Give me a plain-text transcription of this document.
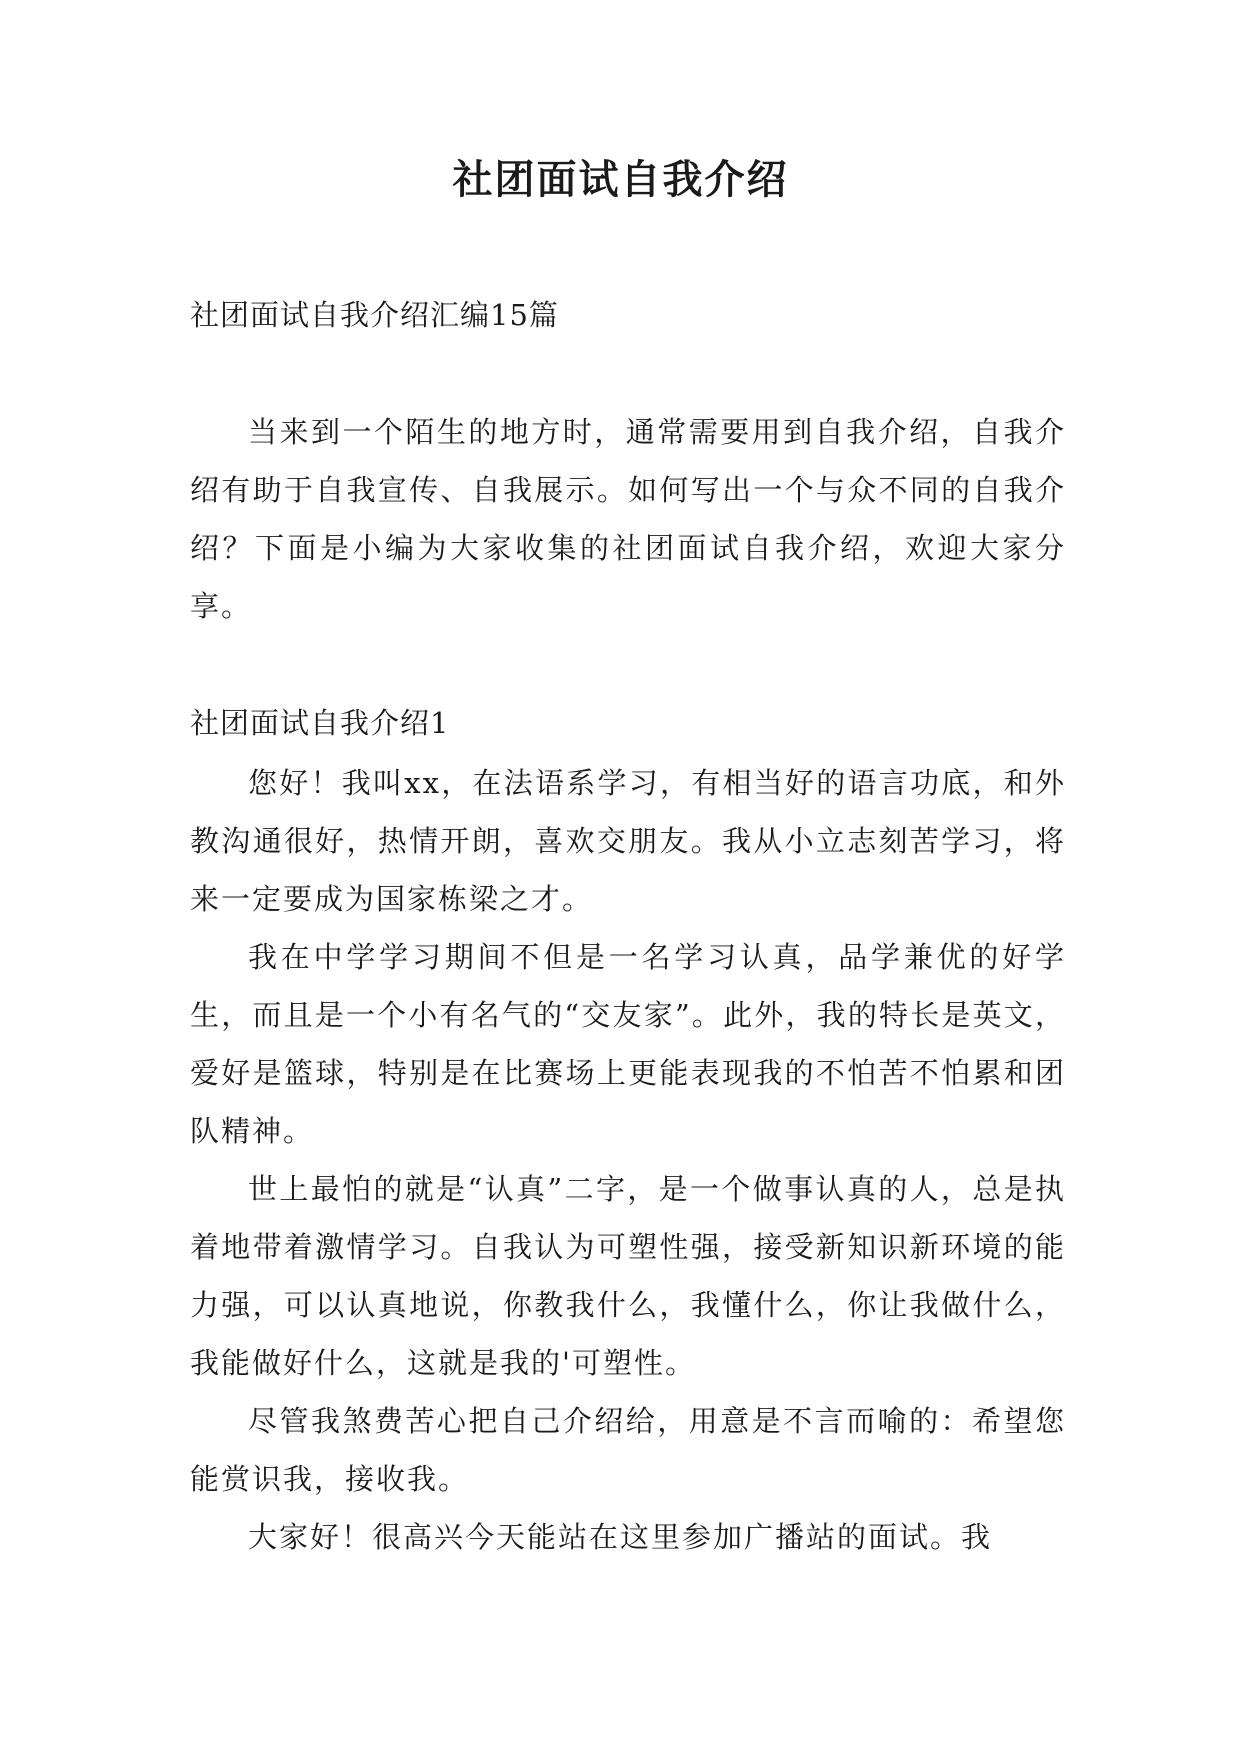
社团面试自我介绍

社团面试自我介绍汇编15篇

当来到一个陌生的地方时，通常需要用到自我介绍，自我介绍有助于自我宣传、自我展示。如何写出一个与众不同的自我介绍？下面是小编为大家收集的社团面试自我介绍，欢迎大家分享。

社团面试自我介绍1

您好！我叫xx，在法语系学习，有相当好的语言功底，和外教沟通很好，热情开朗，喜欢交朋友。我从小立志刻苦学习，将来一定要成为国家栋梁之才。

我在中学学习期间不但是一名学习认真，品学兼优的好学生，而且是一个小有名气的“交友家”。此外，我的特长是英文，爱好是篮球，特别是在比赛场上更能表现我的不怕苦不怕累和团队精神。

世上最怕的就是“认真”二字，是一个做事认真的人，总是执着地带着激情学习。自我认为可塑性强，接受新知识新环境的能力强，可以认真地说，你教我什么，我懂什么，你让我做什么，我能做好什么，这就是我的'可塑性。

尽管我煞费苦心把自己介绍给，用意是不言而喻的：希望您能赏识我，接收我。

大家好！很高兴今天能站在这里参加广播站的面试。我
